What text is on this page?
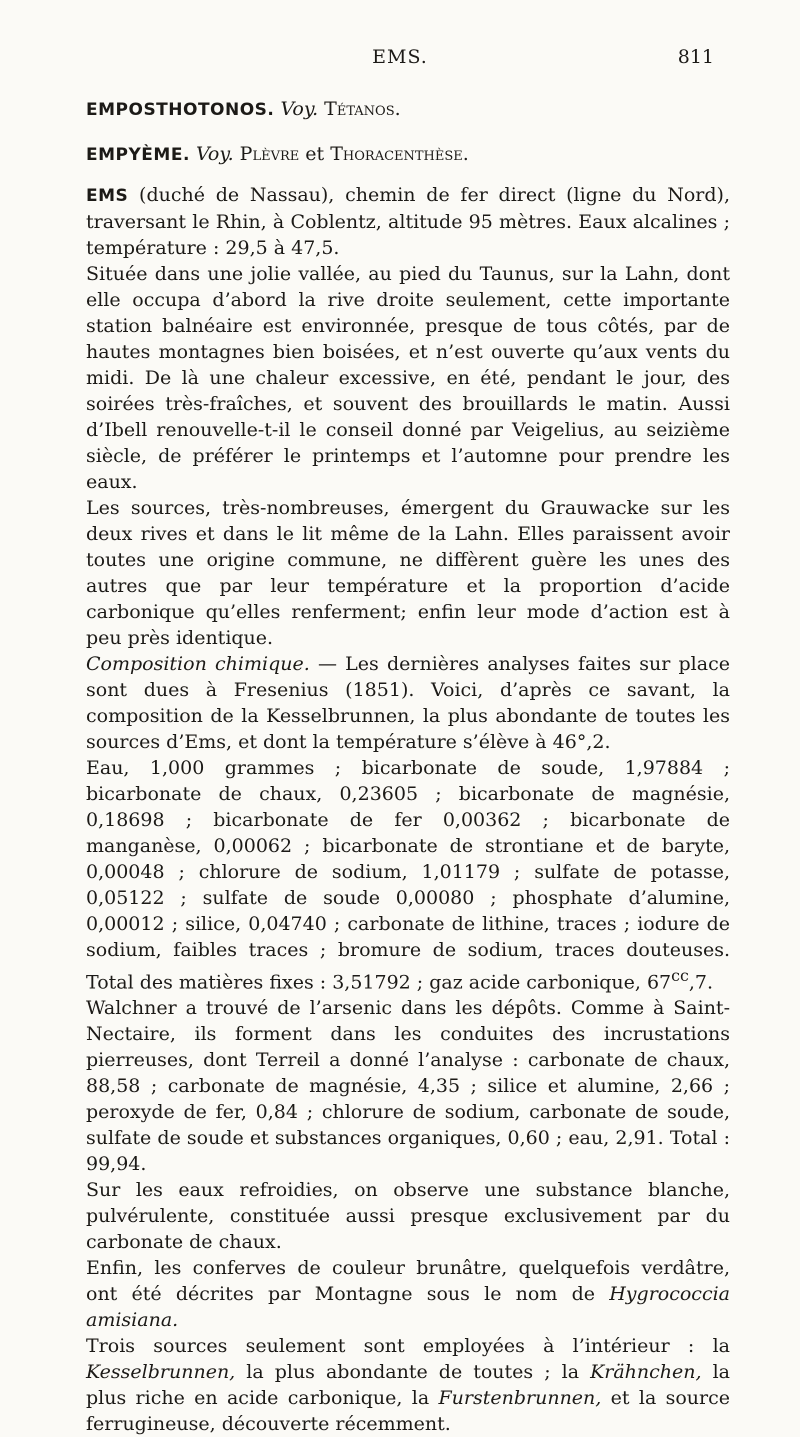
EMS.	811

EMPOSTHOTONOS. Voy. Tétanos.

EMPYÈME. Voy. Plèvre et Thoracenthèse.

EMS (duché de Nassau), chemin de fer direct (ligne du Nord), traversant le Rhin, à Coblentz, altitude 95 mètres. Eaux alcalines ; température : 29,5 à 47,5.

Située dans une jolie vallée, au pied du Taunus, sur la Lahn, dont elle occupa d’abord la rive droite seulement, cette importante station balnéaire est environnée, presque de tous côtés, par de hautes montagnes bien boisées, et n’est ouverte qu’aux vents du midi. De là une chaleur excessive, en été, pendant le jour, des soirées très-fraîches, et souvent des brouillards le matin. Aussi d’Ibell renouvelle-t-il le conseil donné par Veigelius, au seizième siècle, de préférer le printemps et l’automne pour prendre les eaux.

Les sources, très-nombreuses, émergent du Grauwacke sur les deux rives et dans le lit même de la Lahn. Elles paraissent avoir toutes une origine commune, ne diffèrent guère les unes des autres que par leur température et la proportion d’acide carbonique qu’elles renferment; enfin leur mode d’action est à peu près identique.

Composition chimique. — Les dernières analyses faites sur place sont dues à Fresenius (1851). Voici, d’après ce savant, la composition de la Kesselbrunnen, la plus abondante de toutes les sources d’Ems, et dont la température s’élève à 46°,2.

Eau, 1,000 grammes ; bicarbonate de soude, 1,97884 ; bicarbonate de chaux, 0,23605 ; bicarbonate de magnésie, 0,18698 ; bicarbonate de fer 0,00362 ; bicarbonate de manganèse, 0,00062 ; bicarbonate de strontiane et de baryte, 0,00048 ; chlorure de sodium, 1,01179 ; sulfate de potasse, 0,05122 ; sulfate de soude 0,00080 ; phosphate d’alumine, 0,00012 ; silice, 0,04740 ; carbonate de lithine, traces ; iodure de sodium, faibles traces ; bromure de sodium, traces douteuses. Total des matières fixes : 3,51792 ; gaz acide carbonique, $67^{cc},7$.

Walchner a trouvé de l’arsenic dans les dépôts. Comme à Saint-Nectaire, ils forment dans les conduites des incrustations pierreuses, dont Terreil a donné l’analyse : carbonate de chaux, 88,58 ; carbonate de magnésie, 4,35 ; silice et alumine, 2,66 ; peroxyde de fer, 0,84 ; chlorure de sodium, carbonate de soude, sulfate de soude et substances organiques, 0,60 ; eau, 2,91. Total : 99,94.

Sur les eaux refroidies, on observe une substance blanche, pulvérulente, constituée aussi presque exclusivement par du carbonate de chaux.

Enfin, les conferves de couleur brunâtre, quelquefois verdâtre, ont été décrites par Montagne sous le nom de Hygrococcia amisiana.

Trois sources seulement sont employées à l’intérieur : la Kesselbrunnen, la plus abondante de toutes ; la Krähnchen, la plus riche en acide carbonique, la Furstenbrunnen, et la source ferrugineuse, découverte récemment.
